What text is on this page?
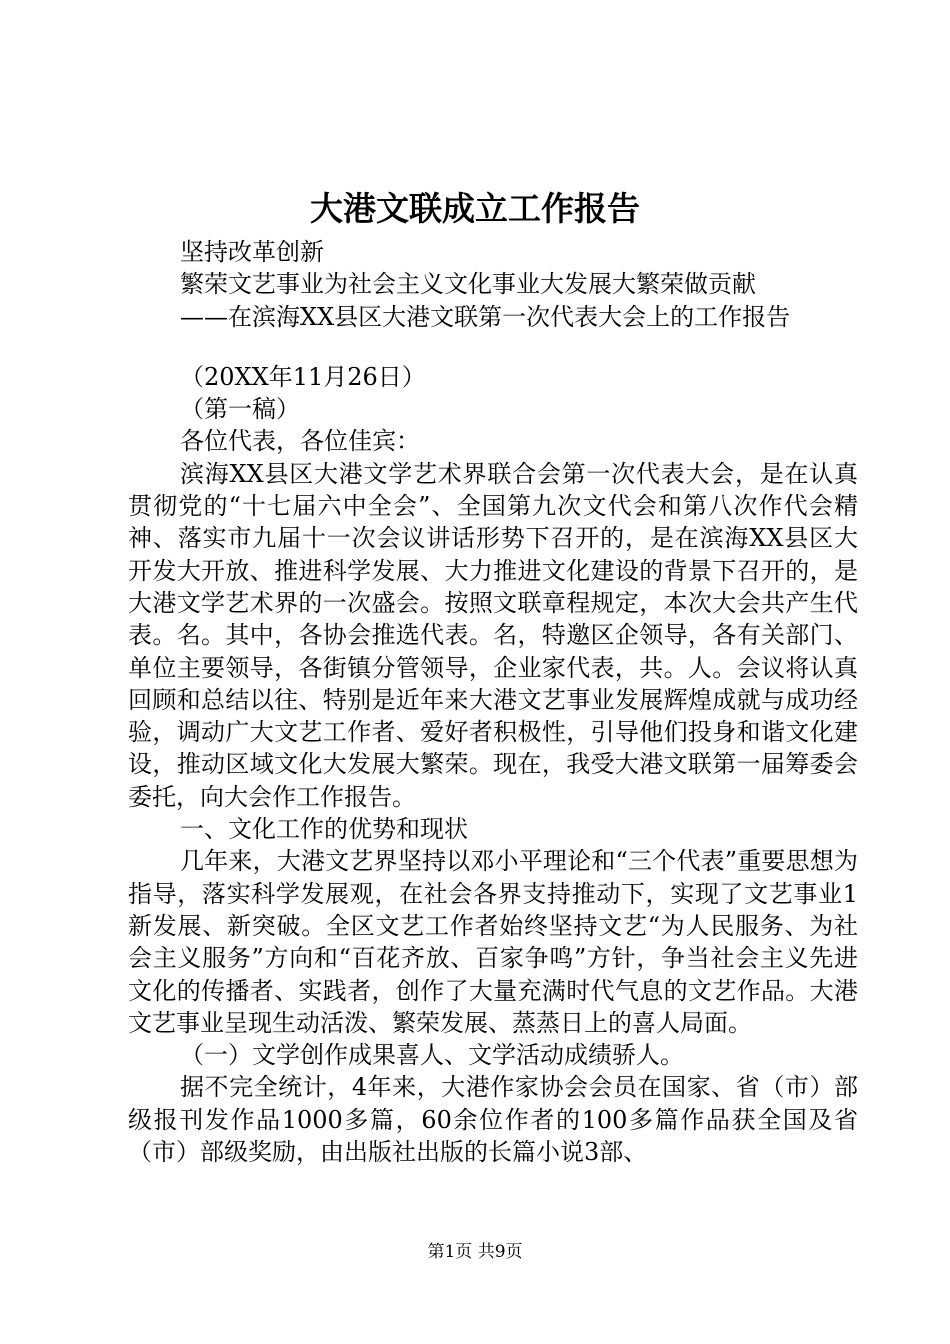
大港文联成立工作报告

坚持改革创新

繁荣文艺事业为社会主义文化事业大发展大繁荣做贡献

——在滨海XX县区大港文联第一次代表大会上的工作报告

（20XX年11月26日）

（第一稿）

各位代表，各位佳宾：

滨海XX县区大港文学艺术界联合会第一次代表大会，是在认真贯彻党的“十七届六中全会”、全国第九次文代会和第八次作代会精神、落实市九届十一次会议讲话形势下召开的，是在滨海XX县区大开发大开放、推进科学发展、大力推进文化建设的背景下召开的，是大港文学艺术界的一次盛会。按照文联章程规定，本次大会共产生代表。名。其中，各协会推选代表。名，特邀区企领导，各有关部门、单位主要领导，各街镇分管领导，企业家代表，共。人。会议将认真回顾和总结以往、特别是近年来大港文艺事业发展辉煌成就与成功经验，调动广大文艺工作者、爱好者积极性，引导他们投身和谐文化建设，推动区域文化大发展大繁荣。现在，我受大港文联第一届筹委会委托，向大会作工作报告。

一、文化工作的优势和现状

几年来，大港文艺界坚持以邓小平理论和“三个代表”重要思想为指导，落实科学发展观，在社会各界支持推动下，实现了文艺事业1新发展、新突破。全区文艺工作者始终坚持文艺“为人民服务、为社会主义服务”方向和“百花齐放、百家争鸣”方针，争当社会主义先进文化的传播者、实践者，创作了大量充满时代气息的文艺作品。大港文艺事业呈现生动活泼、繁荣发展、蒸蒸日上的喜人局面。

（一）文学创作成果喜人、文学活动成绩骄人。

据不完全统计，4年来，大港作家协会会员在国家、省（市）部级报刊发作品1000多篇，60余位作者的100多篇作品获全国及省（市）部级奖励，由出版社出版的长篇小说3部、

第1页 共9页
